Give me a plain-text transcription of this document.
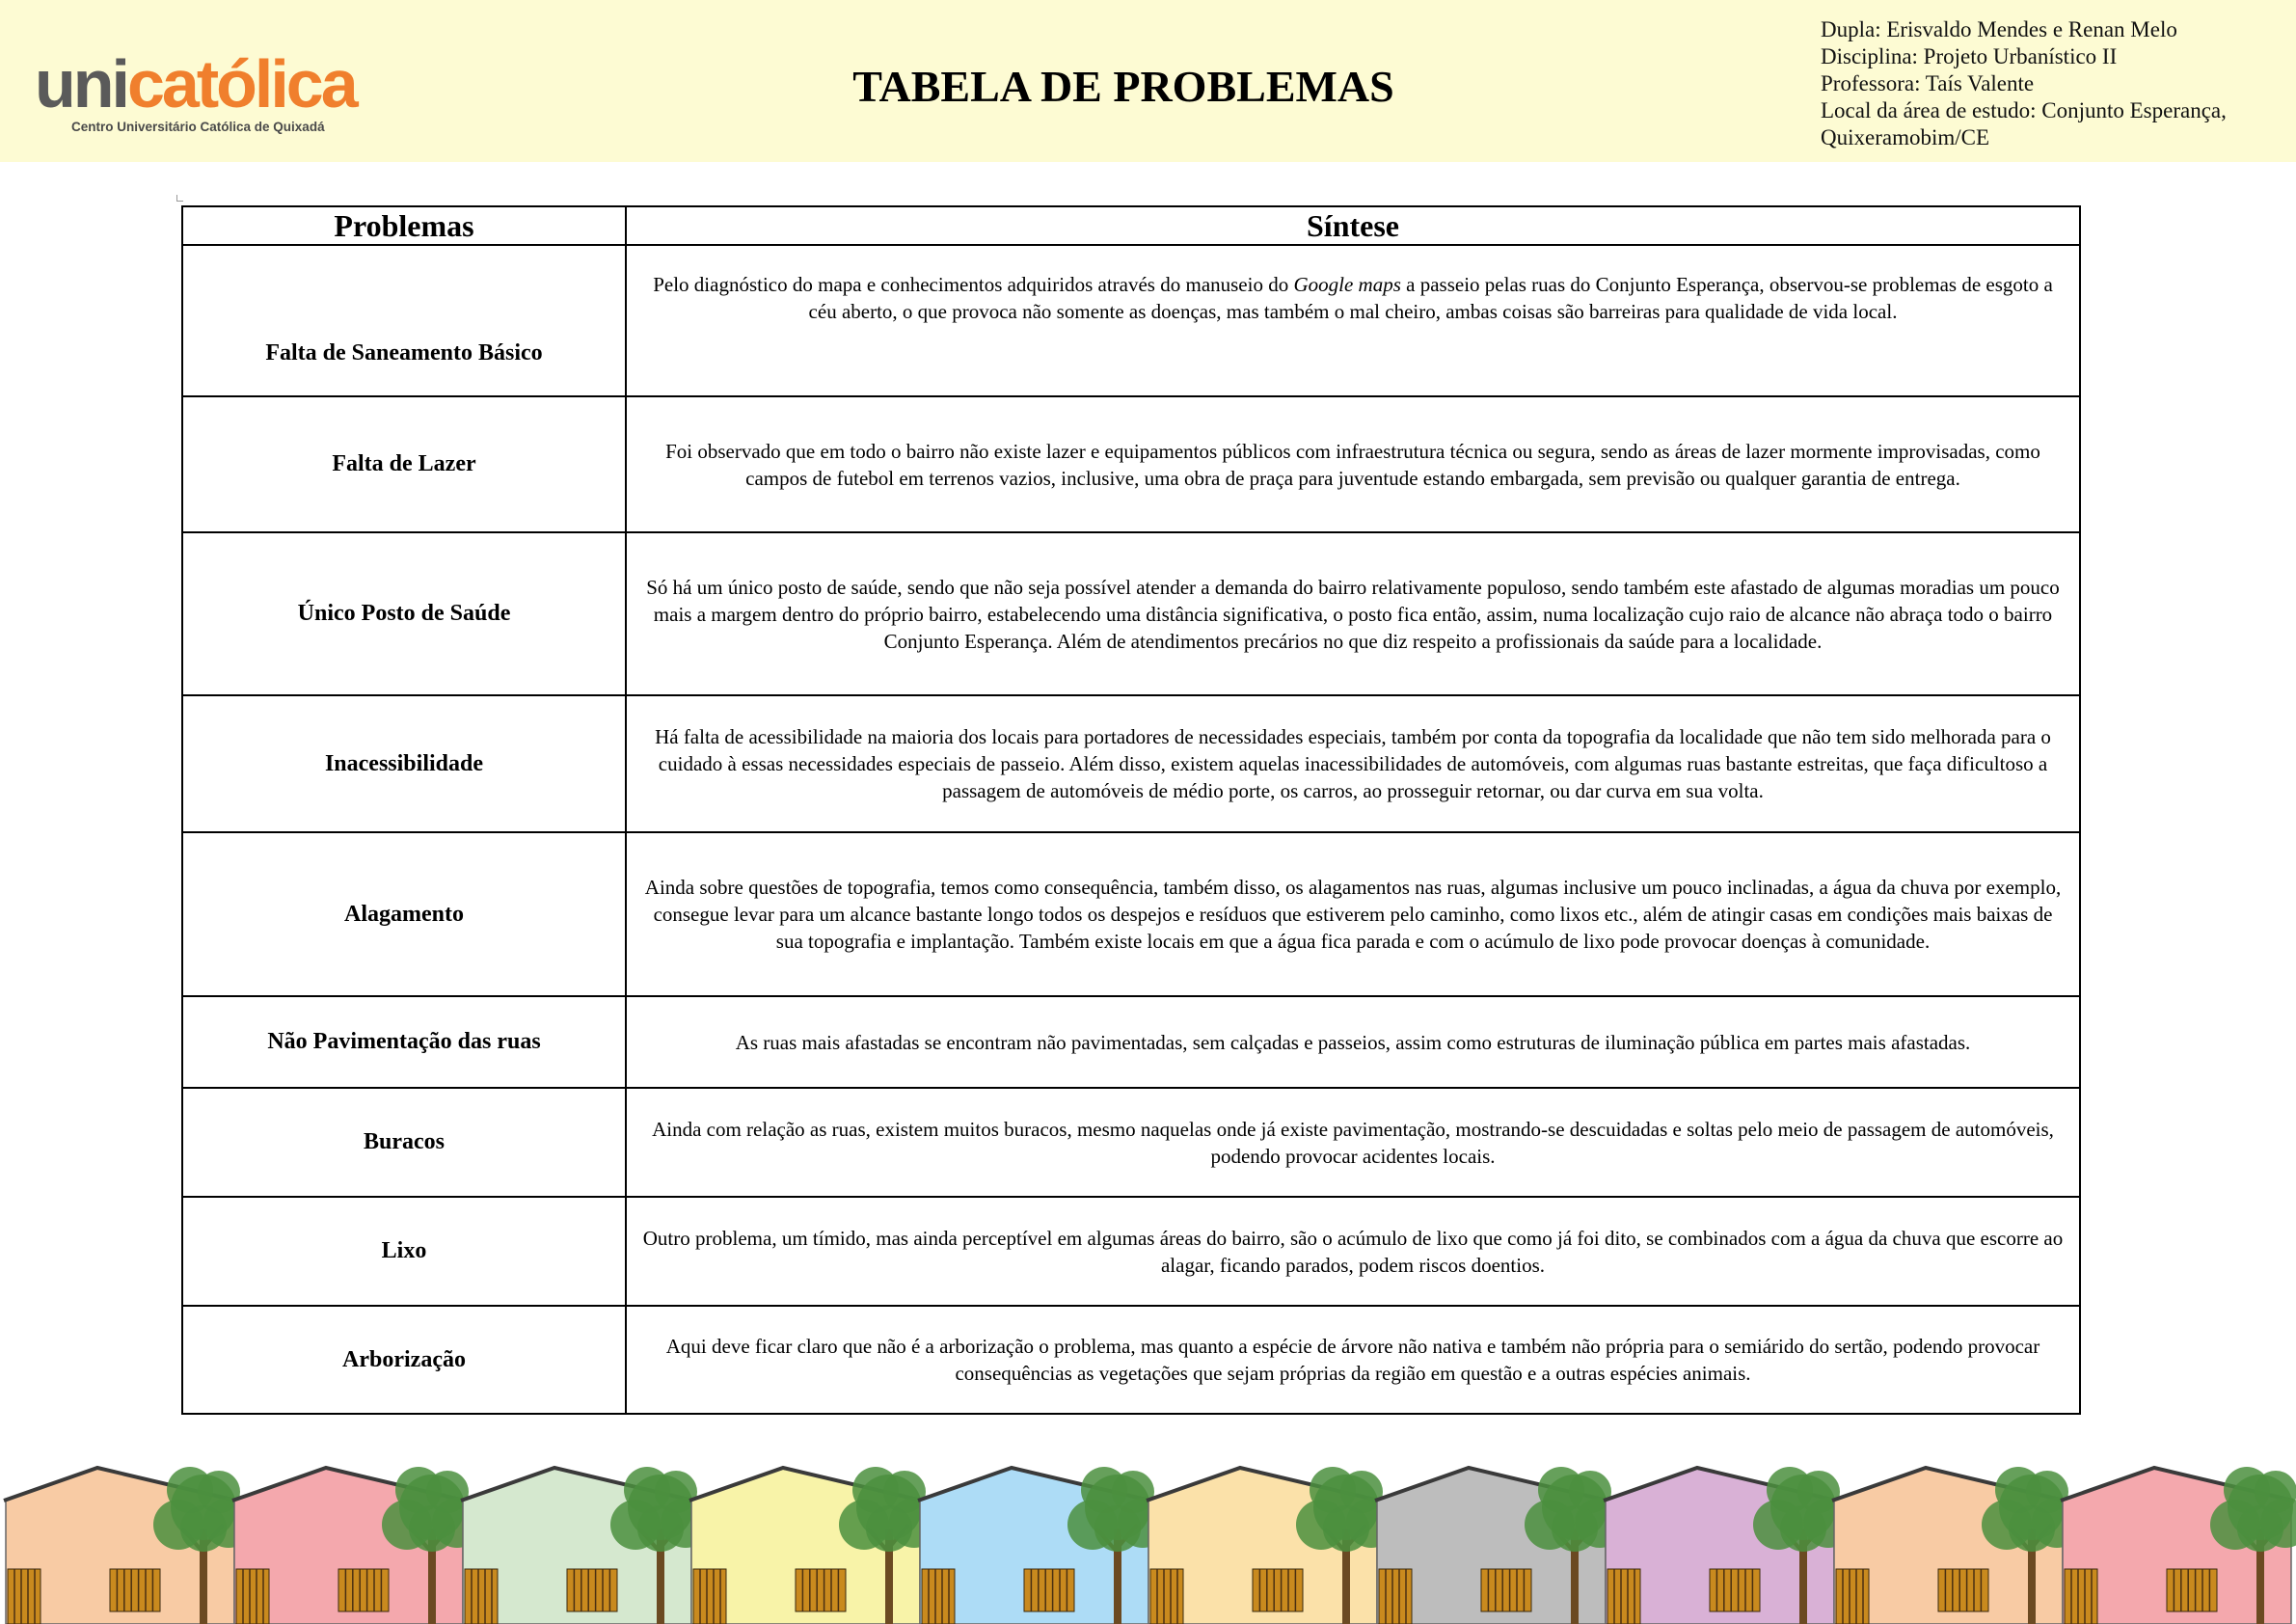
unicatólica
Centro Universitário Católica de Quixadá
TABELA DE PROBLEMAS
Dupla: Erisvaldo Mendes e Renan Melo
Disciplina: Projeto Urbanístico II
Professora: Taís Valente
Local da área de estudo: Conjunto Esperança,
Quixeramobim/CE
Problemas	Síntese
Falta de Saneamento Básico	Pelo diagnóstico do mapa e conhecimentos adquiridos através do manuseio do Google maps a passeio pelas ruas do Conjunto Esperança, observou-se problemas de esgoto a céu aberto, o que provoca não somente as doenças, mas também o mal cheiro, ambas coisas são barreiras para qualidade de vida local.
Falta de Lazer	Foi observado que em todo o bairro não existe lazer e equipamentos públicos com infraestrutura técnica ou segura, sendo as áreas de lazer mormente improvisadas, como campos de futebol em terrenos vazios, inclusive, uma obra de praça para juventude estando embargada, sem previsão ou qualquer garantia de entrega.
Único Posto de Saúde	Só há um único posto de saúde, sendo que não seja possível atender a demanda do bairro relativamente populoso, sendo também este afastado de algumas moradias um pouco mais a margem dentro do próprio bairro, estabelecendo uma distância significativa, o posto fica então, assim, numa localização cujo raio de alcance não abraça todo o bairro Conjunto Esperança. Além de atendimentos precários no que diz respeito a profissionais da saúde para a localidade.
Inacessibilidade	Há falta de acessibilidade na maioria dos locais para portadores de necessidades especiais, também por conta da topografia da localidade que não tem sido melhorada para o cuidado à essas necessidades especiais de passeio. Além disso, existem aquelas inacessibilidades de automóveis, com algumas ruas bastante estreitas, que faça dificultoso a passagem de automóveis de médio porte, os carros, ao prosseguir retornar, ou dar curva em sua volta.
Alagamento	Ainda sobre questões de topografia, temos como consequência, também disso, os alagamentos nas ruas, algumas inclusive um pouco inclinadas, a água da chuva por exemplo, consegue levar para um alcance bastante longo todos os despejos e resíduos que estiverem pelo caminho, como lixos etc., além de atingir casas em condições mais baixas de sua topografia e implantação. Também existe locais em que a água fica parada e com o acúmulo de lixo pode provocar doenças à comunidade.
Não Pavimentação das ruas	As ruas mais afastadas se encontram não pavimentadas, sem calçadas e passeios, assim como estruturas de iluminação pública em partes mais afastadas.
Buracos	Ainda com relação as ruas, existem muitos buracos, mesmo naquelas onde já existe pavimentação, mostrando-se descuidadas e soltas pelo meio de passagem de automóveis, podendo provocar acidentes locais.
Lixo	Outro problema, um tímido, mas ainda perceptível em algumas áreas do bairro, são o acúmulo de lixo que como já foi dito, se combinados com a água da chuva que escorre ao alagar, ficando parados, podem riscos doentios.
Arborização	Aqui deve ficar claro que não é a arborização o problema, mas quanto a espécie de árvore não nativa e também não própria para o semiárido do sertão, podendo provocar consequências as vegetações que sejam próprias da região em questão e a outras espécies animais.
